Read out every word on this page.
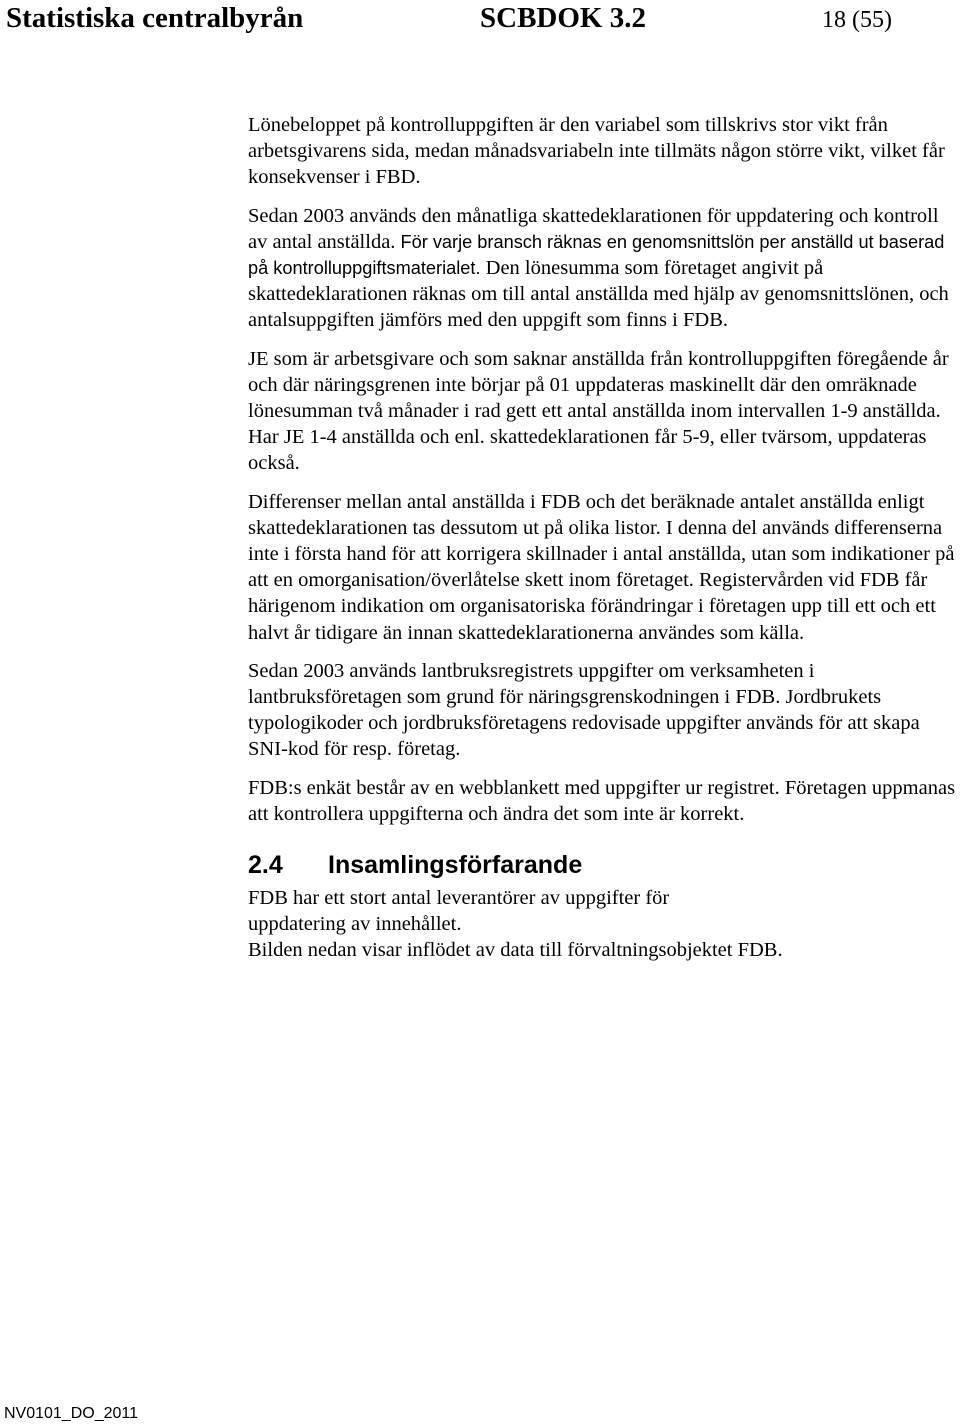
Statistiska centralbyrån	SCBDOK 3.2	18 (55)

Lönebeloppet på kontrolluppgiften är den variabel som tillskrivs stor vikt från arbetsgivarens sida, medan månadsvariabeln inte tillmäts någon större vikt, vilket får konsekvenser i FBD.

Sedan 2003 används den månatliga skattedeklarationen för uppdatering och kontroll av antal anställda. För varje bransch räknas en genomsnittslön per anställd ut baserad på kontrolluppgiftsmaterialet. Den lönesumma som företaget angivit på skattedeklarationen räknas om till antal anställda med hjälp av genomsnittslönen, och antalsuppgiften jämförs med den uppgift som finns i FDB.

JE som är arbetsgivare och som saknar anställda från kontrolluppgiften föregående år och där näringsgrenen inte börjar på 01 uppdateras maskinellt där den omräknade lönesumman två månader i rad gett ett antal anställda inom intervallen 1-9 anställda. Har JE 1-4 anställda och enl. skattedeklarationen får 5-9, eller tvärsom, uppdateras också.

Differenser mellan antal anställda i FDB och det beräknade antalet anställda enligt skattedeklarationen tas dessutom ut på olika listor. I denna del används differenserna inte i första hand för att korrigera skillnader i antal anställda, utan som indikationer på att en omorganisation/överlåtelse skett inom företaget. Registervården vid FDB får härigenom indikation om organisatoriska förändringar i företagen upp till ett och ett halvt år tidigare än innan skattedeklarationerna användes som källa.

Sedan 2003 används lantbruksregistrets uppgifter om verksamheten i lantbruksföretagen som grund för näringsgrenskodningen i FDB. Jordbrukets typologikoder och jordbruksföretagens redovisade uppgifter används för att skapa SNI-kod för resp. företag.

FDB:s enkät består av en webblankett med uppgifter ur registret. Företagen uppmanas att kontrollera uppgifterna och ändra det som inte är korrekt.

2.4 Insamlingsförfarande
FDB har ett stort antal leverantörer av uppgifter för
uppdatering av innehållet.
Bilden nedan visar inflödet av data till förvaltningsobjektet FDB.
NV0101_DO_2011
